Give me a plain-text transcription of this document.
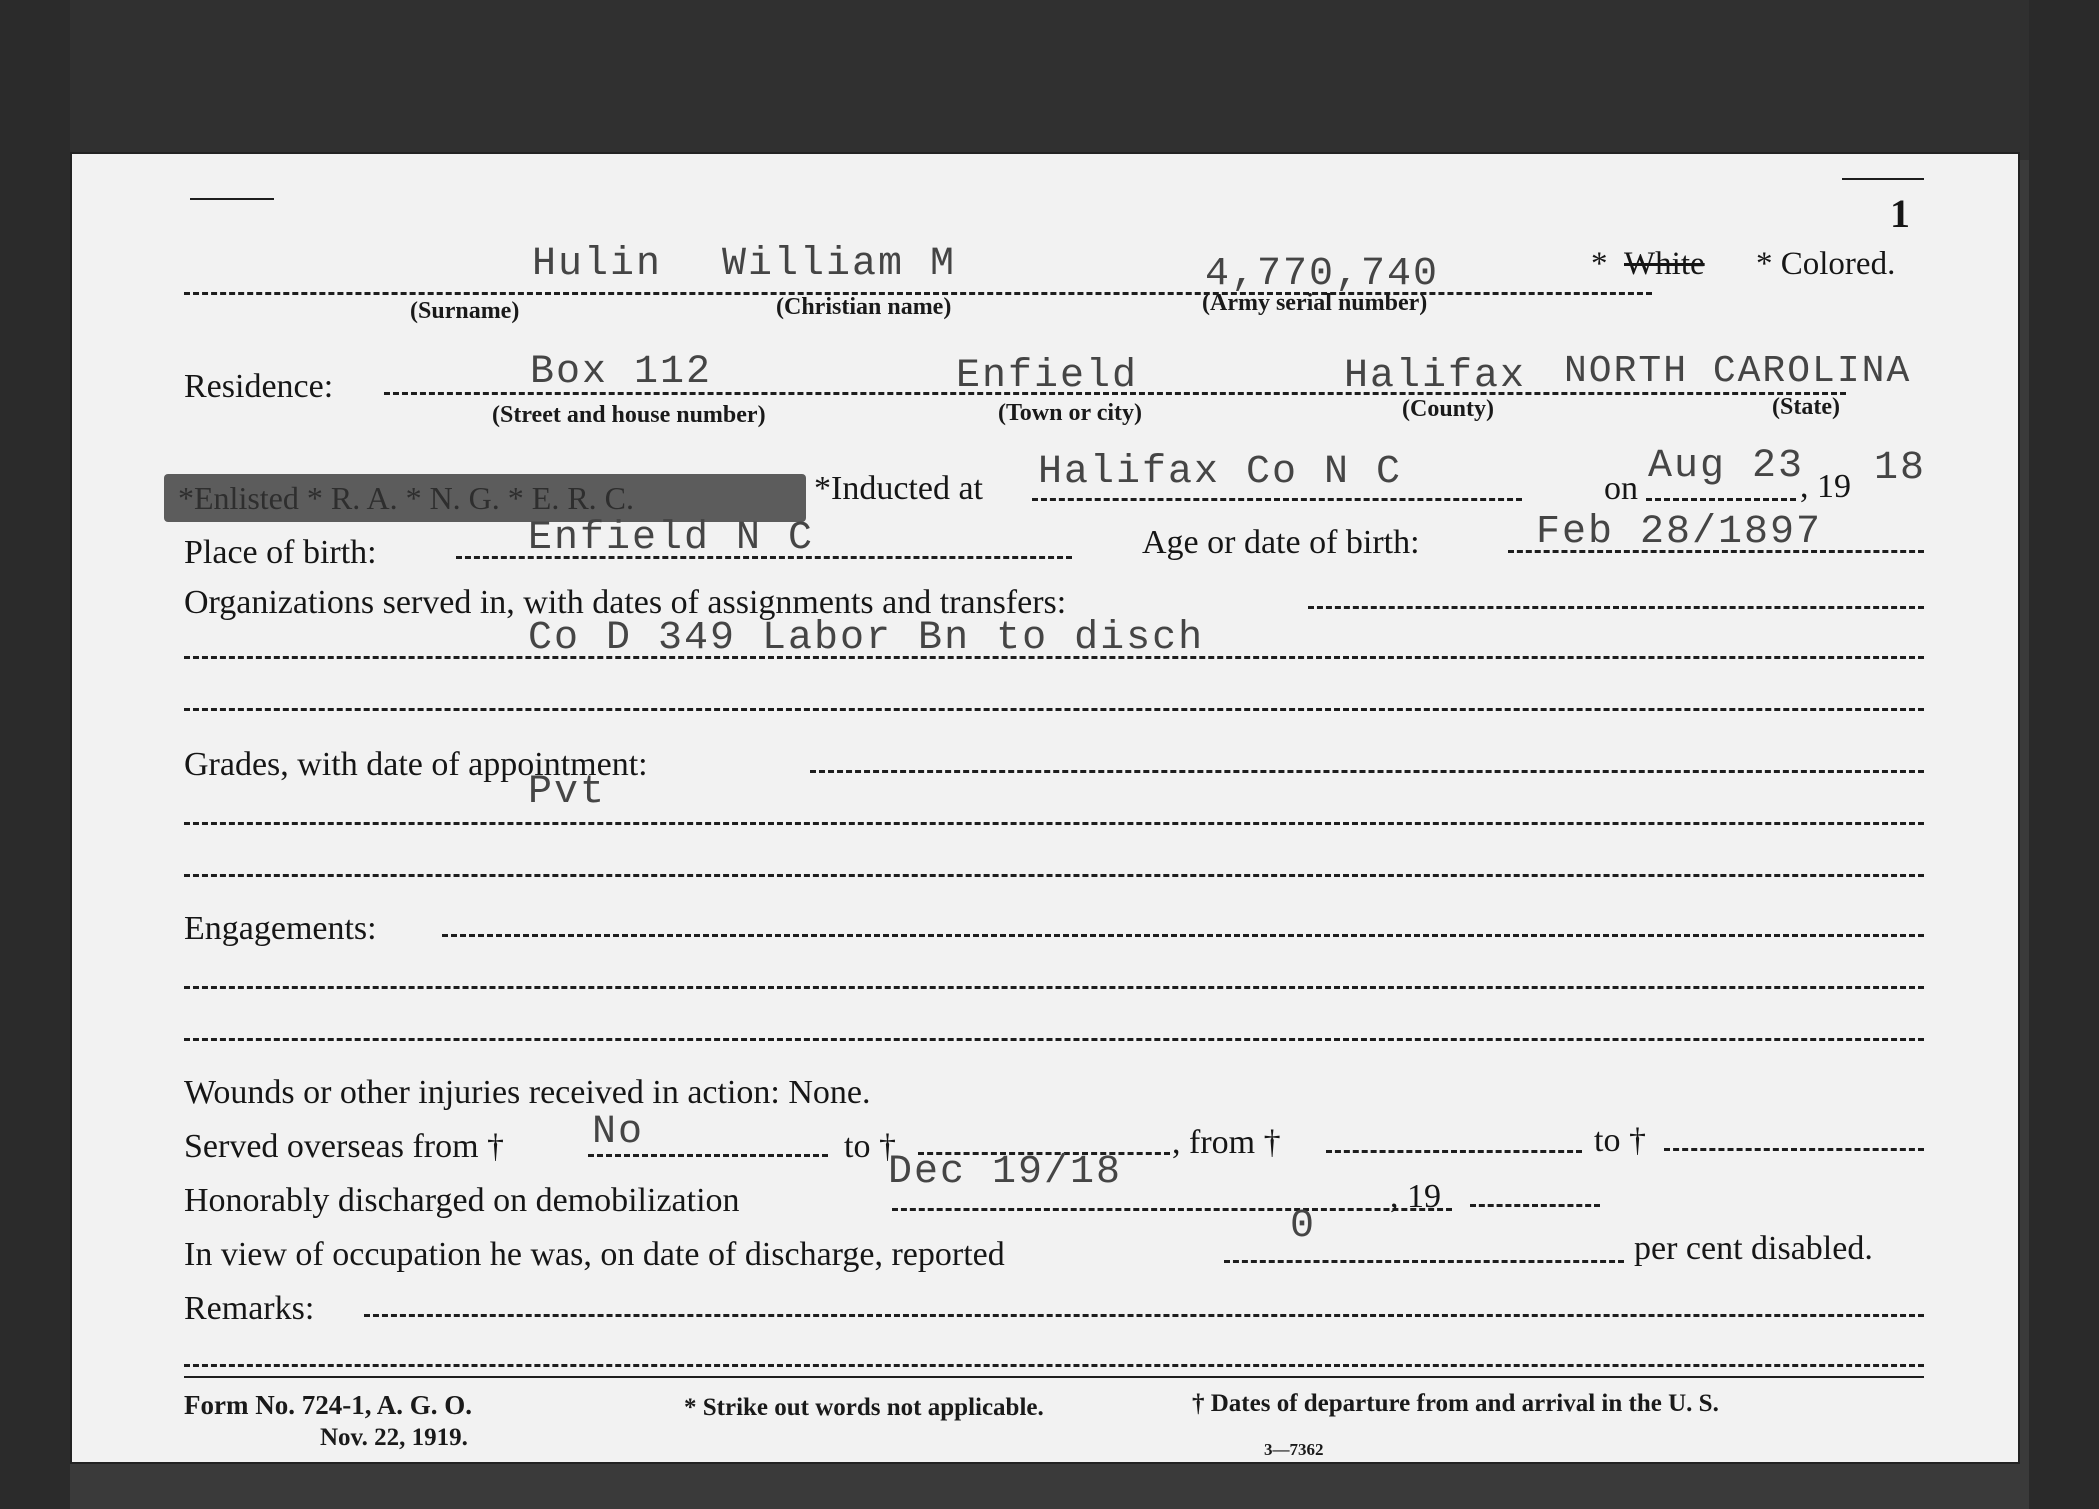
1
Hulin William M	4,770,740	* White * Colored.
(Surname)	(Christian name)	(Army serial number)
Residence:	Box 112	Enfield	Halifax NORTH CAROLINA
(Street and house number)	(Town or city)	(County)	(State)
*Enlisted * R. A. * N. G. * E. R. C.	*Inducted at Halifax Co N C	on Aug 23
, 19 18
Place of birth:	Enfield N C	Age or date of birth:	Feb 28/1897
Organizations served in, with dates of assignments and transfers:
Co D 349 Labor Bn to disch
Grades, with date of appointment:
Pvt
Engagements:
Wounds or other injuries received in action: None.
Served overseas from † No	to †	, from †	to †
Honorably discharged on demobilization
Dec 19/18
, 19
In view of occupation he was, on date of discharge, reported
0	per cent disabled.
Remarks:
Form No. 724-1, A. G. O.
Nov. 22, 1919.
* Strike out words not applicable.	† Dates of departure from and arrival in the U. S.
3—7362
